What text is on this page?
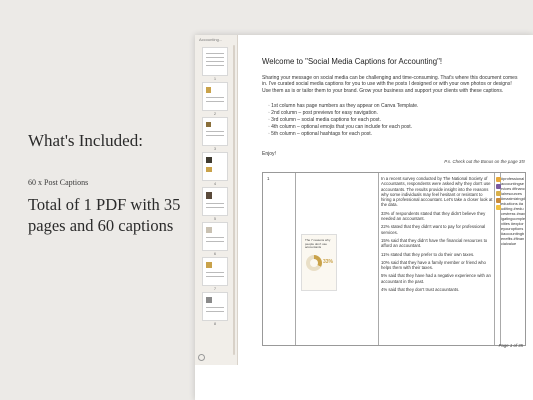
What's Included:
60 x Post Captions
Total of 1 PDF with 35 pages and 60 captions
Accounting...
1
2
3
4
5
6
7
8
Welcome to "Social Media Captions for Accounting"!
Sharing your message on social media can be challenging and time-consuming. That's where this document comes in. I've curated social media captions for you to use with the posts I designed or with your own photos or designs! Use them as is or tailor them to your brand. Grow your business and support your clients with these captions.
◦ 1st column has page numbers as they appear on Canva Template.
◦ 2nd column – post previews for easy navigation.
◦ 3rd column – social media captions for each post.
◦ 4th column – optional emojis that you can include for each post.
◦ 5th column – optional hashtags for each post.
Enjoy!
P.s. Check out the Bonus on the page 35!
1
The 7 reasons why people don't use accountants
33%

In a recent survey conducted by The National Society of Accountants, respondents were asked why they don't use accountants. The results provide insight into the reasons why some individuals may feel hesitant or resistant to hiring a professional accountant. Let's take a closer look at the data.

33% of respondents stated that they didn't believe they needed an accountant.

22% stated that they didn't want to pay for professional services.

15% said that they didn't have the financial resources to afford an accountant.

11% stated that they prefer to do their own taxes.

10% said that they have a family member or friend who helps them with their taxes.

5% said that they have had a negative experience with an accountant in the past.

4% said that they don't trust accountants.

#professionalaccountingservices #financialresources #maximizingdeductions #auditing #reducestress #navigatingcomplexities #exploreyouroptions #accountingbenefits #financialvalue
Page 1 of 35
